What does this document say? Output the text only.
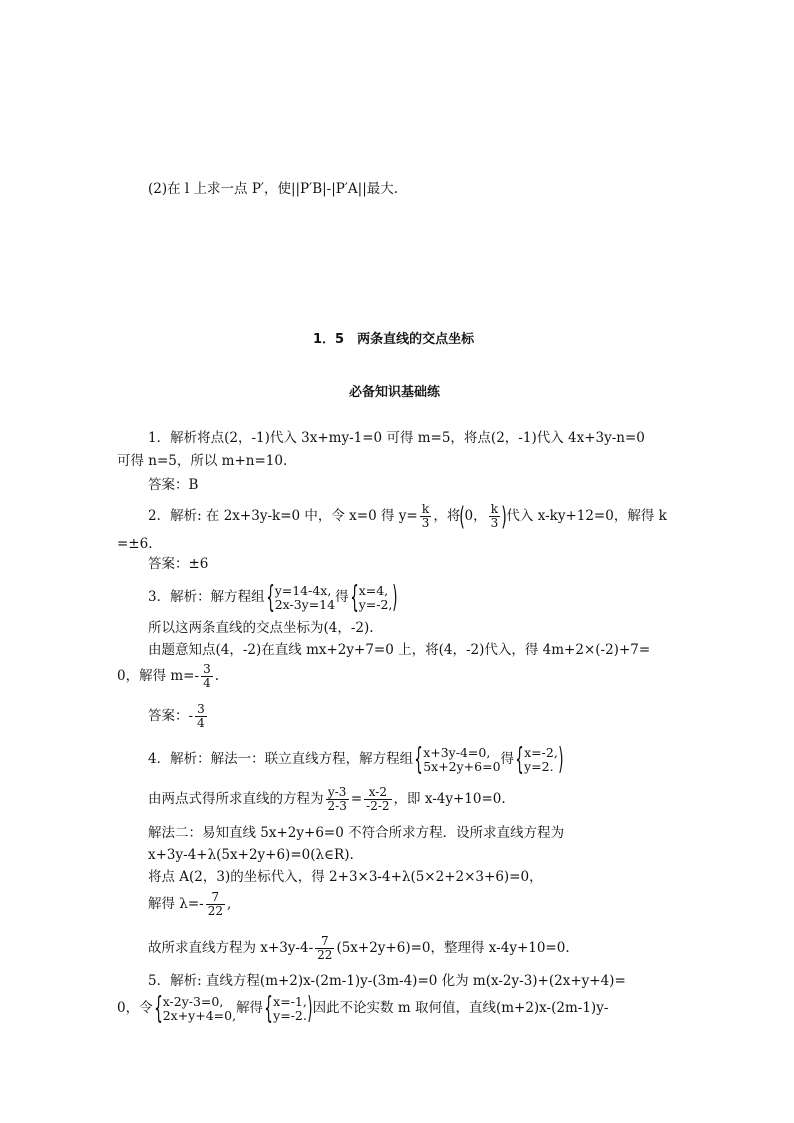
(2)在 l 上求一点 P′，使||P′B|-|P′A||最大.
1．5　两条直线的交点坐标
必备知识基础练
1．解析将点(2，-1)代入 3x+my-1=0 可得 m=5，将点(2，-1)代入 4x+3y-n=0
可得 n=5，所以 m+n=10.
答案：B
2．解析: 在 2x+3y-k=0 中，令 x=0 得 $y= \frac{k}{3}$ ，将(0， $\frac{k}{3}$ )代入 x-ky+12=0，解得 k
=±6.
答案：±6
3．解析：解方程组{ y=14-4x,
2x-3y=14 得{ x=4,
y=-2, )
所以这两条直线的交点坐标为(4，-2).
由题意知点(4，-2)在直线 mx+2y+7=0 上，将(4，-2)代入，得 4m+2×(-2)+7=
0，解得 $m=- \frac{3}{4}$ .
答案：- $\frac{3}{4}$
4．解析：解法一：联立直线方程，解方程组{ x+3y-4=0,
5x+2y+6=0 得{ x=-2,
y=2. )
由两点式得所求直线的方程为 $\frac{y-3}{2-3} = \frac{x-2}{-2-2}$ ，即 x-4y+10=0.
解法二：易知直线 5x+2y+6=0 不符合所求方程．设所求直线方程为
x+3y-4+λ(5x+2y+6)=0(λ∈R).
将点 A(2，3)的坐标代入，得 2+3×3-4+λ(5×2+2×3+6)=0，
解得 $\lambda=- \frac{7}{22}$ ,
故所求直线方程为 $x+3y-4- \frac{7}{22} (5x+2y+6)=0$，整理得 x-4y+10=0.
5．解析: 直线方程(m+2)x-(2m-1)y-(3m-4)=0 化为 m(x-2y-3)+(2x+y+4)=
0，令{ x-2y-3=0,
2x+y+4=0, 解得{ x=-1,
y=-2. )因此不论实数 m 取何值，直线(m+2)x-(2m-1)y-
